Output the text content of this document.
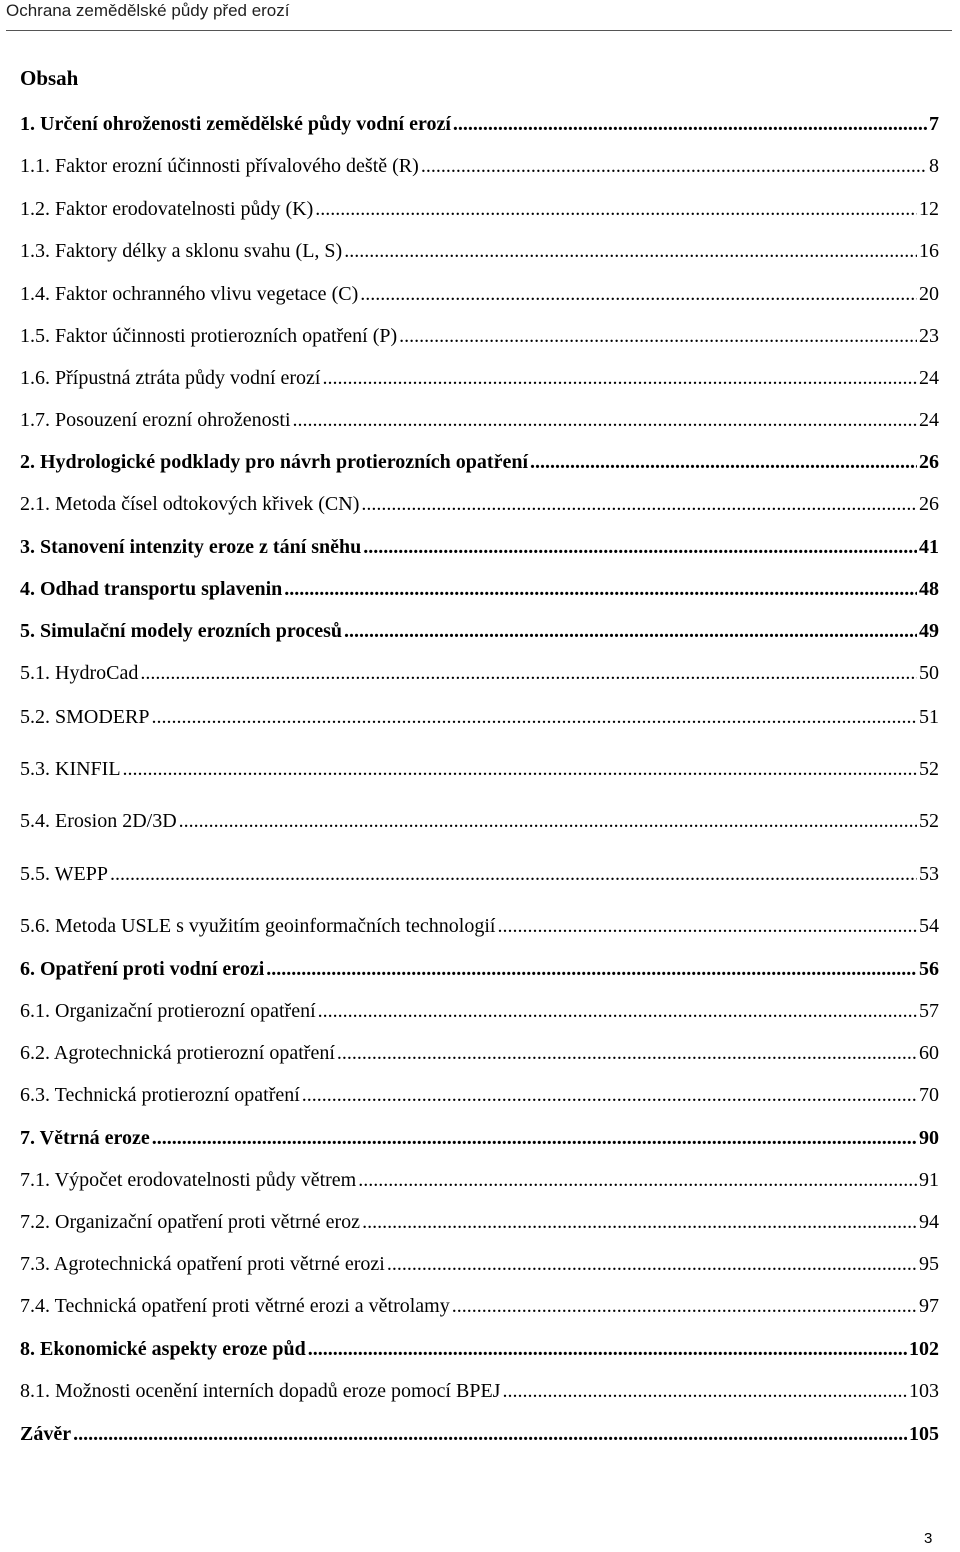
Ochrana zemědělské půdy před erozí
Obsah
1. Určení ohroženosti zemědělské půdy vodní erozí .....	7
1.1. Faktor erozní účinnosti přívalového deště (R) .....	8
1.2. Faktor erodovatelnosti půdy (K) .....	12
1.3. Faktory délky a sklonu svahu (L, S) .....	16
1.4. Faktor ochranného vlivu vegetace (C) .....	20
1.5. Faktor účinnosti protierozních opatření (P) .....	23
1.6. Přípustná ztráta půdy vodní erozí .....	24
1.7. Posouzení erozní ohroženosti .....	24
2. Hydrologické podklady pro návrh protierozních opatření .....	26
2.1. Metoda čísel odtokových křivek (CN) .....	26
3. Stanovení intenzity eroze z tání sněhu .....	41
4. Odhad transportu splavenin .....	48
5. Simulační modely erozních procesů .....	49
5.1. HydroCad .....	50
5.2. SMODERP .....	51
5.3. KINFIL .....	52
5.4. Erosion 2D/3D .....	52
5.5. WEPP .....	53
5.6. Metoda USLE s využitím geoinformačních technologií .....	54
6. Opatření proti vodní erozi .....	56
6.1. Organizační protierozní opatření .....	57
6.2. Agrotechnická protierozní opatření .....	60
6.3. Technická protierozní opatření .....	70
7. Větrná eroze .....	90
7.1. Výpočet erodovatelnosti půdy větrem .....	91
7.2. Organizační opatření proti větrné eroz .....	94
7.3. Agrotechnická opatření proti větrné erozi .....	95
7.4. Technická opatření proti větrné erozi a větrolamy .....	97
8. Ekonomické aspekty eroze půd .....	102
8.1. Možnosti ocenění interních dopadů eroze pomocí BPEJ .....	103
Závěr .....	105
3
